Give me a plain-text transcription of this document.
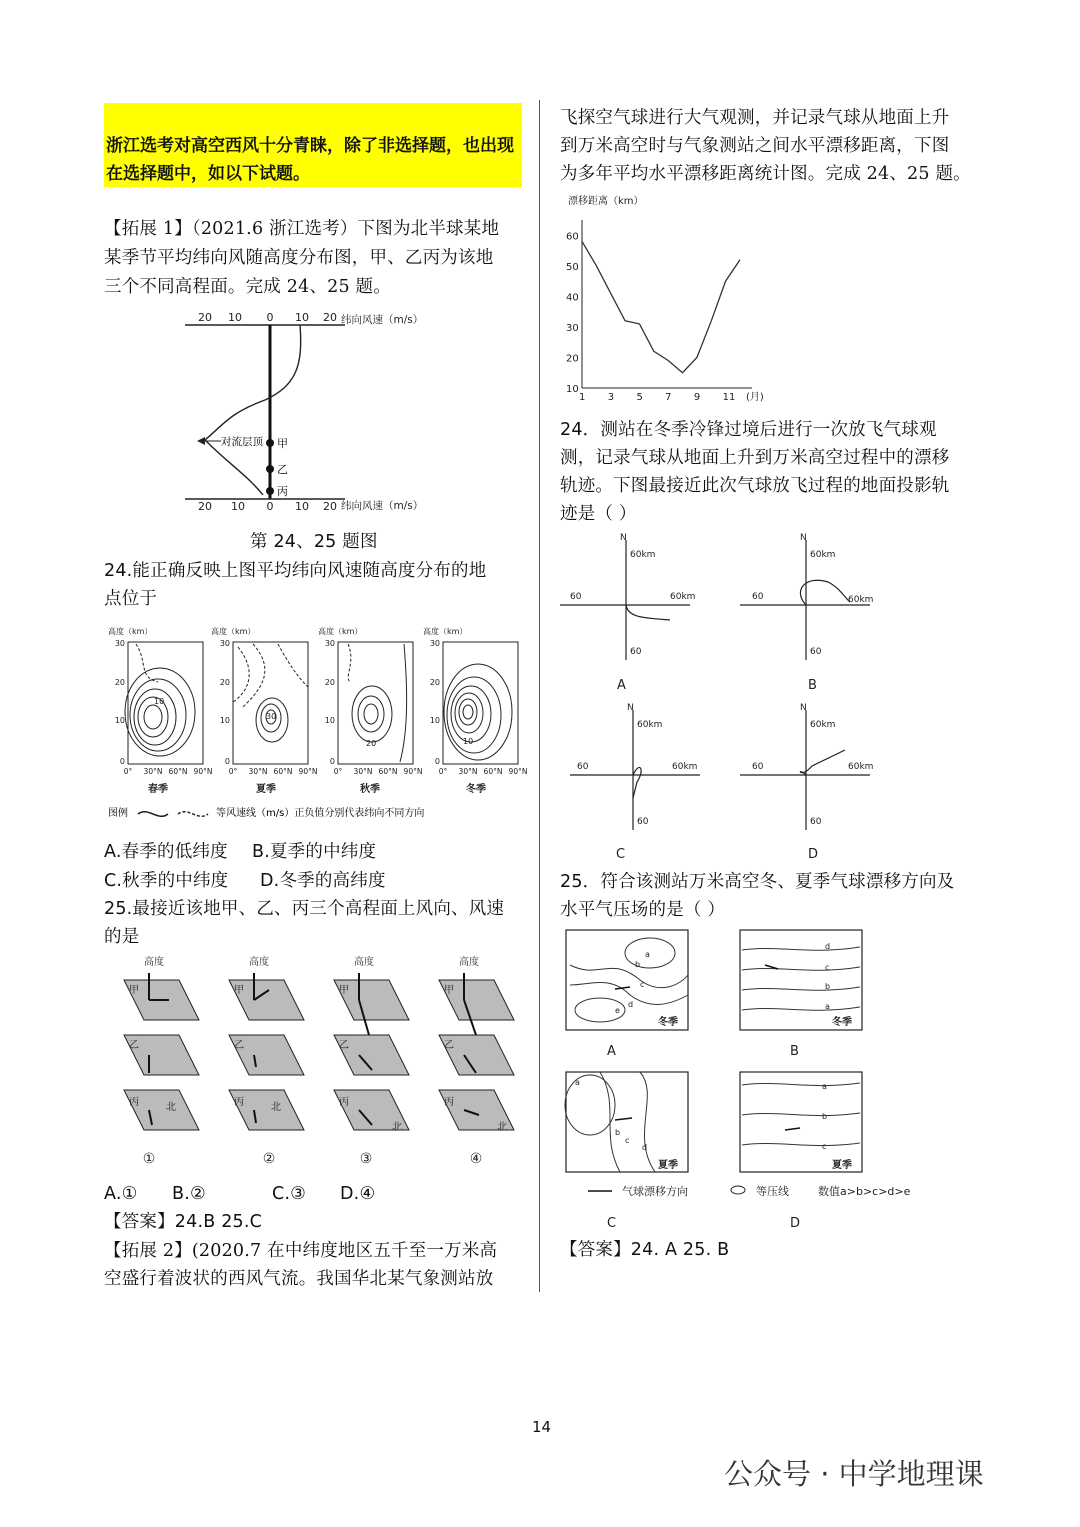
浙江选考对高空西风十分青睐，除了非选择题，也出现在选择题中，如以下试题。
【拓展 1】（2021.6 浙江选考）下图为北半球某地
某季节平均纬向风随高度分布图，甲、乙丙为该地
三个不同高程面。完成 24、25 题。
20 10 0 10 20 纬向风速（m/s）
20 10 0 10 20 纬向风速（m/s）
对流层顶 甲
乙
丙
第 24、25 题图
24.能正确反映上图平均纬向风速随高度分布的地
点位于
高度（km）	高度（km）	高度（km）	高度（km）
10
30
20	10
30
20
10
0
30
20
10
0
30
20
10
0
30
20
10
0
0° 30°N 60°N 90°N 0° 30°N 60°N 90°N 0° 30°N 60°N 90°N 0° 30°N 60°N 90°N
春季	夏季	秋季	冬季
图例	等风速线（m/s）正负值分别代表纬向不同方向
A.春季的低纬度 B.夏季的中纬度
C.秋季的中纬度 D.冬季的高纬度
25.最接近该地甲、乙、丙三个高程面上风向、风速
的是
高度	高度	高度	高度
甲	甲	甲	甲
乙	乙	乙	乙
丙	丙	丙	丙
北	北
北	北
①	②	③	④
A.① B.②	C.③ D.④
【答案】24.B 25.C
【拓展 2】(2020.7 在中纬度地区五千至一万米高
空盛行着波状的西风气流。我国华北某气象测站放
飞探空气球进行大气观测，并记录气球从地面上升
到万米高空时与气象测站之间水平漂移距离，下图
为多年平均水平漂移距离统计图。完成 24、25 题。
漂移距离（km）
60
50
40
30
20
10
1 3 5 7 9 11 (月)
24．测站在冬季冷锋过境后进行一次放飞气球观
测，记录气球从地面上升到万米高空过程中的漂移
轨迹。下图最接近此次气球放飞过程的地面投影轨
迹是（ ）
N
60km
60km
60
60
N
60km
60km
60
60
N
60km
60km
60
60
N
60km
60km
60
60
A	B
C	D
25．符合该测站万米高空冬、夏季气球漂移方向及
水平气压场的是（ ）
a
b
c
d
e
d
c
b
a
a
b
c
d
a
b
c
冬季	冬季
夏季	夏季
气球漂移方向	等压线	数值a>b>c>d>e
A	B
C	D
【答案】24. A 25. B
14
公众号 · 中学地理课
